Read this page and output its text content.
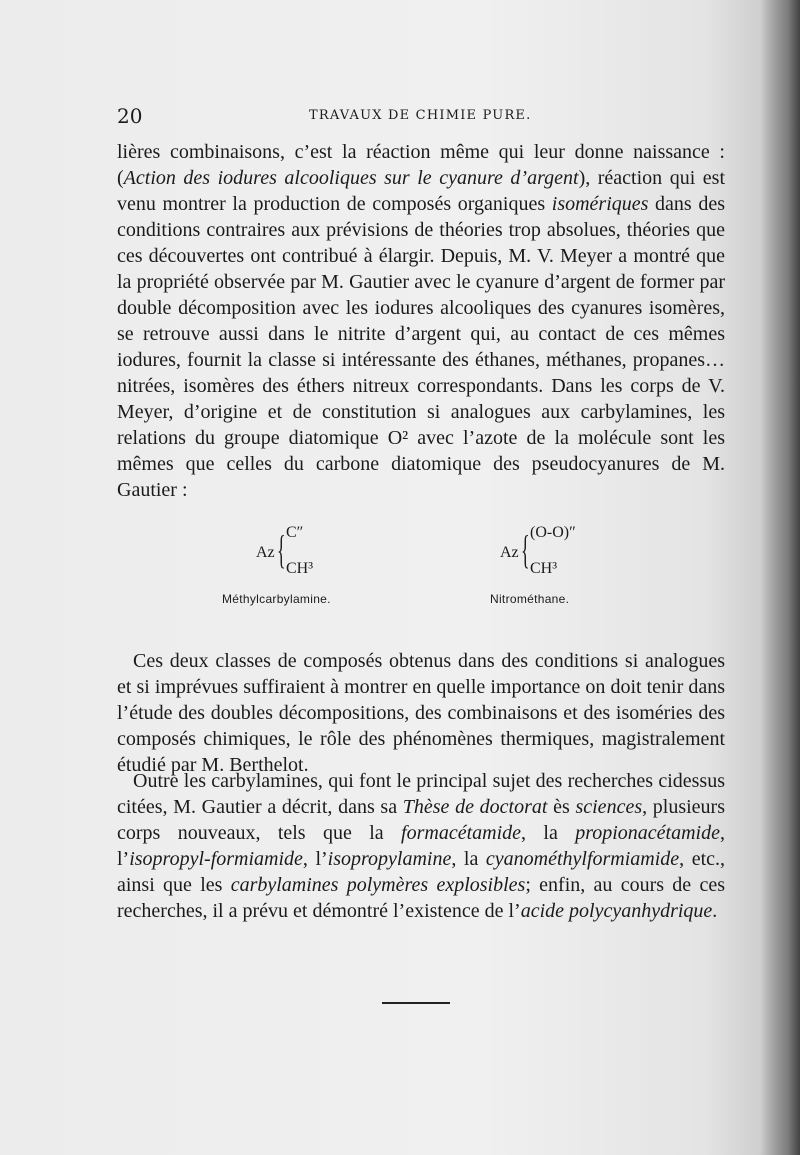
20	TRAVAUX DE CHIMIE PURE.

lières combinaisons, c’est la réaction même qui leur donne naissance : (Action des iodures alcooliques sur le cyanure d’argent), réaction qui est venu montrer la production de composés organiques isomériques dans des conditions contraires aux prévisions de théories trop absolues, théories que ces découvertes ont contribué à élargir. Depuis, M. V. Meyer a montré que la propriété observée par M. Gautier avec le cyanure d’argent de former par double décomposition avec les iodures alcooliques des cyanures isomères, se retrouve aussi dans le nitrite d’argent qui, au contact de ces mêmes iodures, fournit la classe si intéressante des éthanes, méthanes, propanes… nitrées, isomères des éthers nitreux correspondants. Dans les corps de V. Meyer, d’origine et de constitution si analogues aux carbylamines, les relations du groupe diatomique O² avec l’azote de la molécule sont les mêmes que celles du carbone diatomique des pseudocyanures de M. Gautier :

Az { C″
CH³
Az { (O-O)″
CH³
Méthylcarbylamine.	Nitrométhane.

Ces deux classes de composés obtenus dans des conditions si analogues et si imprévues suffiraient à montrer en quelle importance on doit tenir dans l’étude des doubles décompositions, des combinaisons et des isoméries des composés chimiques, le rôle des phénomènes thermiques, magistralement étudié par M. Berthelot.

Outre les carbylamines, qui font le principal sujet des recherches cidessus citées, M. Gautier a décrit, dans sa Thèse de doctorat ès sciences, plusieurs corps nouveaux, tels que la formacétamide, la propionacétamide, l’isopropyl-formiamide, l’isopropylamine, la cyanométhylformiamide, etc., ainsi que les carbylamines polymères explosibles; enfin, au cours de ces recherches, il a prévu et démontré l’existence de l’acide polycyanhydrique.
